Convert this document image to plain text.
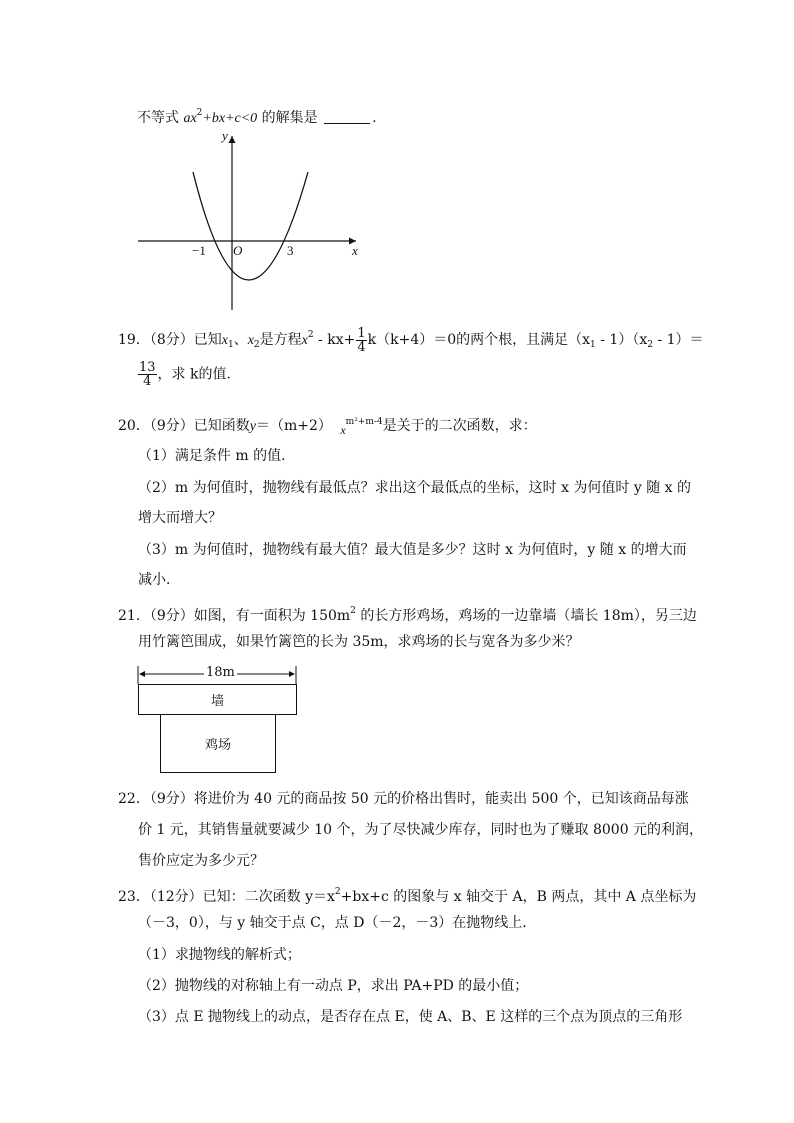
不等式 $ax^2+bx+c<0$ 的解集是	.
y
x
O
−1	3
19．（8分）已知$x_1$、$x_2$是方程$x^2 - kx+ \frac{1}{4} k(k+4)=0$的两个根，且满足$(x_1 - 1)(x_2 - 1)=$
$\frac{13}{4}$ ，求 k的值．
20．（9分）已知函数y＝（m+2） $x^{m^2+m-4}$是关于的二次函数，求：
（1）满足条件 m 的值．
（2）m 为何值时，抛物线有最低点？求出这个最低点的坐标，这时 x 为何值时 y 随 x 的
增大而增大？
（3）m 为何值时，抛物线有最大值？最大值是多少？这时 x 为何值时，y 随 x 的增大而
减小．
21．（9分）如图，有一面积为 $150m^2$ 的长方形鸡场，鸡场的一边靠墙（墙长 18m），另三边
用竹篱笆围成，如果竹篱笆的长为 35m，求鸡场的长与宽各为多少米？
18m
墙
鸡场
22．（9分）将进价为 40 元的商品按 50 元的价格出售时，能卖出 500 个，已知该商品每涨
价 1 元，其销售量就要减少 10 个，为了尽快减少库存，同时也为了赚取 8000 元的利润，
售价应定为多少元？
23．（12分）已知：二次函数 $y=x^2+bx+c$ 的图象与 x 轴交于 A，B 两点，其中 A 点坐标为
（－3，0），与 y 轴交于点 C，点 D（－2，－3）在抛物线上．
（1）求抛物线的解析式；
（2）抛物线的对称轴上有一动点 P，求出 PA+PD 的最小值；
（3）点 E 抛物线上的动点，是否存在点 E，使 A、B、E 这样的三个点为顶点的三角形
